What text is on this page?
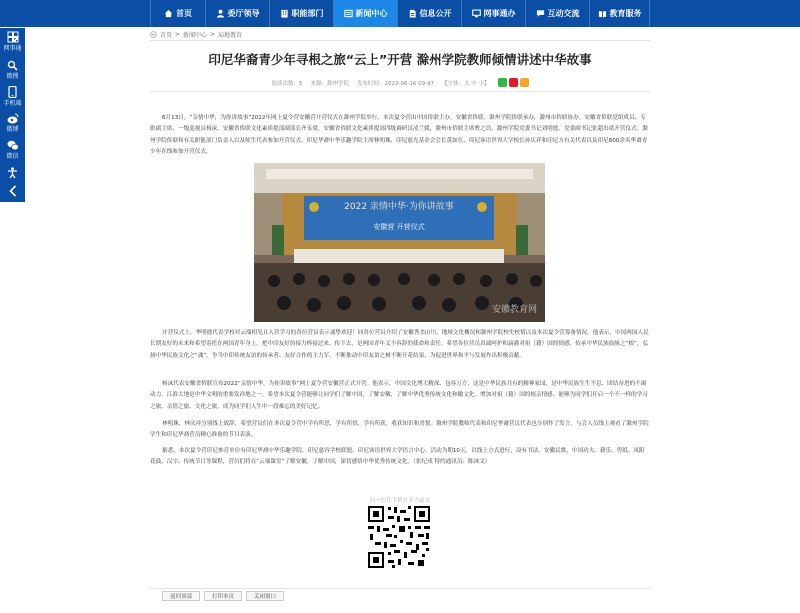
首页	委厅领导	职能部门	新闻中心	信息公开	网事通办	互动交流	教育服务
网事通
微搜
手机端
微博
微信
首页 > 新闻中心 > 局地教育
印尼华裔青少年寻根之旅“云上”开营 滁州学院教师倾情讲述中华故事
阅读次数：5 来源：滁州学院 发布时间：2022-06-16 09:47 【字体：大 中 小】

6月13日，“亲情中华，为你讲故事”2022年网上夏令营安徽营开营仪式在滁州学院举行。本次夏令营由中国侨联主办，安徽省侨联、滁州学院侨联承办，滁州市侨联协办。安徽省侨联党组成员、专职副主席、一级巡视员杨沫，安徽省侨联文化素质提部副部长齐永梁，安徽省侨联文化素质提部四级调研员凌兰媛，滁州市侨联主席曹之浩，滁州学院党委书记刘明德、党委副书记张超出席开营仪式。滁州学院侨联和有关职能部门负责人以及师生代表参加开营仪式。印尼华裔中华乐趣学院主席林明珠、印尼慈光基金会会长黄如在、印尼客语世界大学校长孙庆祥和印尼方有关代表以及印尼600余名华裔青少年在线参加开营仪式。

2022 亲情中华·为你讲故事
安徽营 开营仪式
安徽教育网

开营仪式上，华明德代表学校对云端相见且入营学习的各位营员表示诚挚欢迎！同各位营员介绍了安徽秀美山川、地域文化概况和滁州学院校史校情以及本次夏令营筹备情况。他表示，中国两国人民长期友好的未来和希望寄托在两国青年身上。把中印友好的接力棒接过来、传下去，是两国青年义不容辞的使命和责任。希望各位营员真诚呵护和滴灌对祖（籍）国的情感，传承中华民族血脉之“根”，弘扬中华民族文化之“魂”，争当中印传统友谊的传承者、友好合作的主力军，不断推动中印友谊之树不断开花结果，为促进世界和平与发展作出积极贡献。

杨沫代表安徽省侨联宣布2022“亲情中华，为你讲故事”网上夏令营安徽营正式开营。他表示，中国文化博大精深、包容万方，这是中华民族共有的精神家园，是中华民族生生不息、团结奋进的不竭动力。江淮大地是中华文明的重要发祥地之一，希望本次夏令营能够让同学们了解中国，了解安徽，了解中华优秀传统文化和徽文化，增加对祖（籍）国的根亲情感。能够为同学们开启一个不一样的学习之旅、亲情之旅、文化之旅，成为同学们人生中一段难忘的美好记忆。

林明珠、林庆祥分别线上致辞，希望营员们在本次夏令营中学有所思，学有所悟，学有所获，收获知识和喜悦。滁州学院教师代表和印尼华裔营员代表也分别作了发言，与会人员线上观看了滁州学院学生和印尼华裔营员精心准备的节目表演。

据悉，本次夏令营印尼参营单位有印尼华裔中华乐趣学院、印尼慈容学校联盟、印尼客语世界大学语言中心。活动为期10天，以线上方式进行，设有书法、安徽民歌、中国功夫、籍乐、剪纸、凤阳花鼓、汉字、传统节日等课程，营员们将在“云端课堂”了解安徽，了解中国，深切感悟中华优秀传统文化。（张纪成 特约通讯员：陈沐文）

扫一扫在手机打开当前页
返回顶部	打印本页	关闭窗口
